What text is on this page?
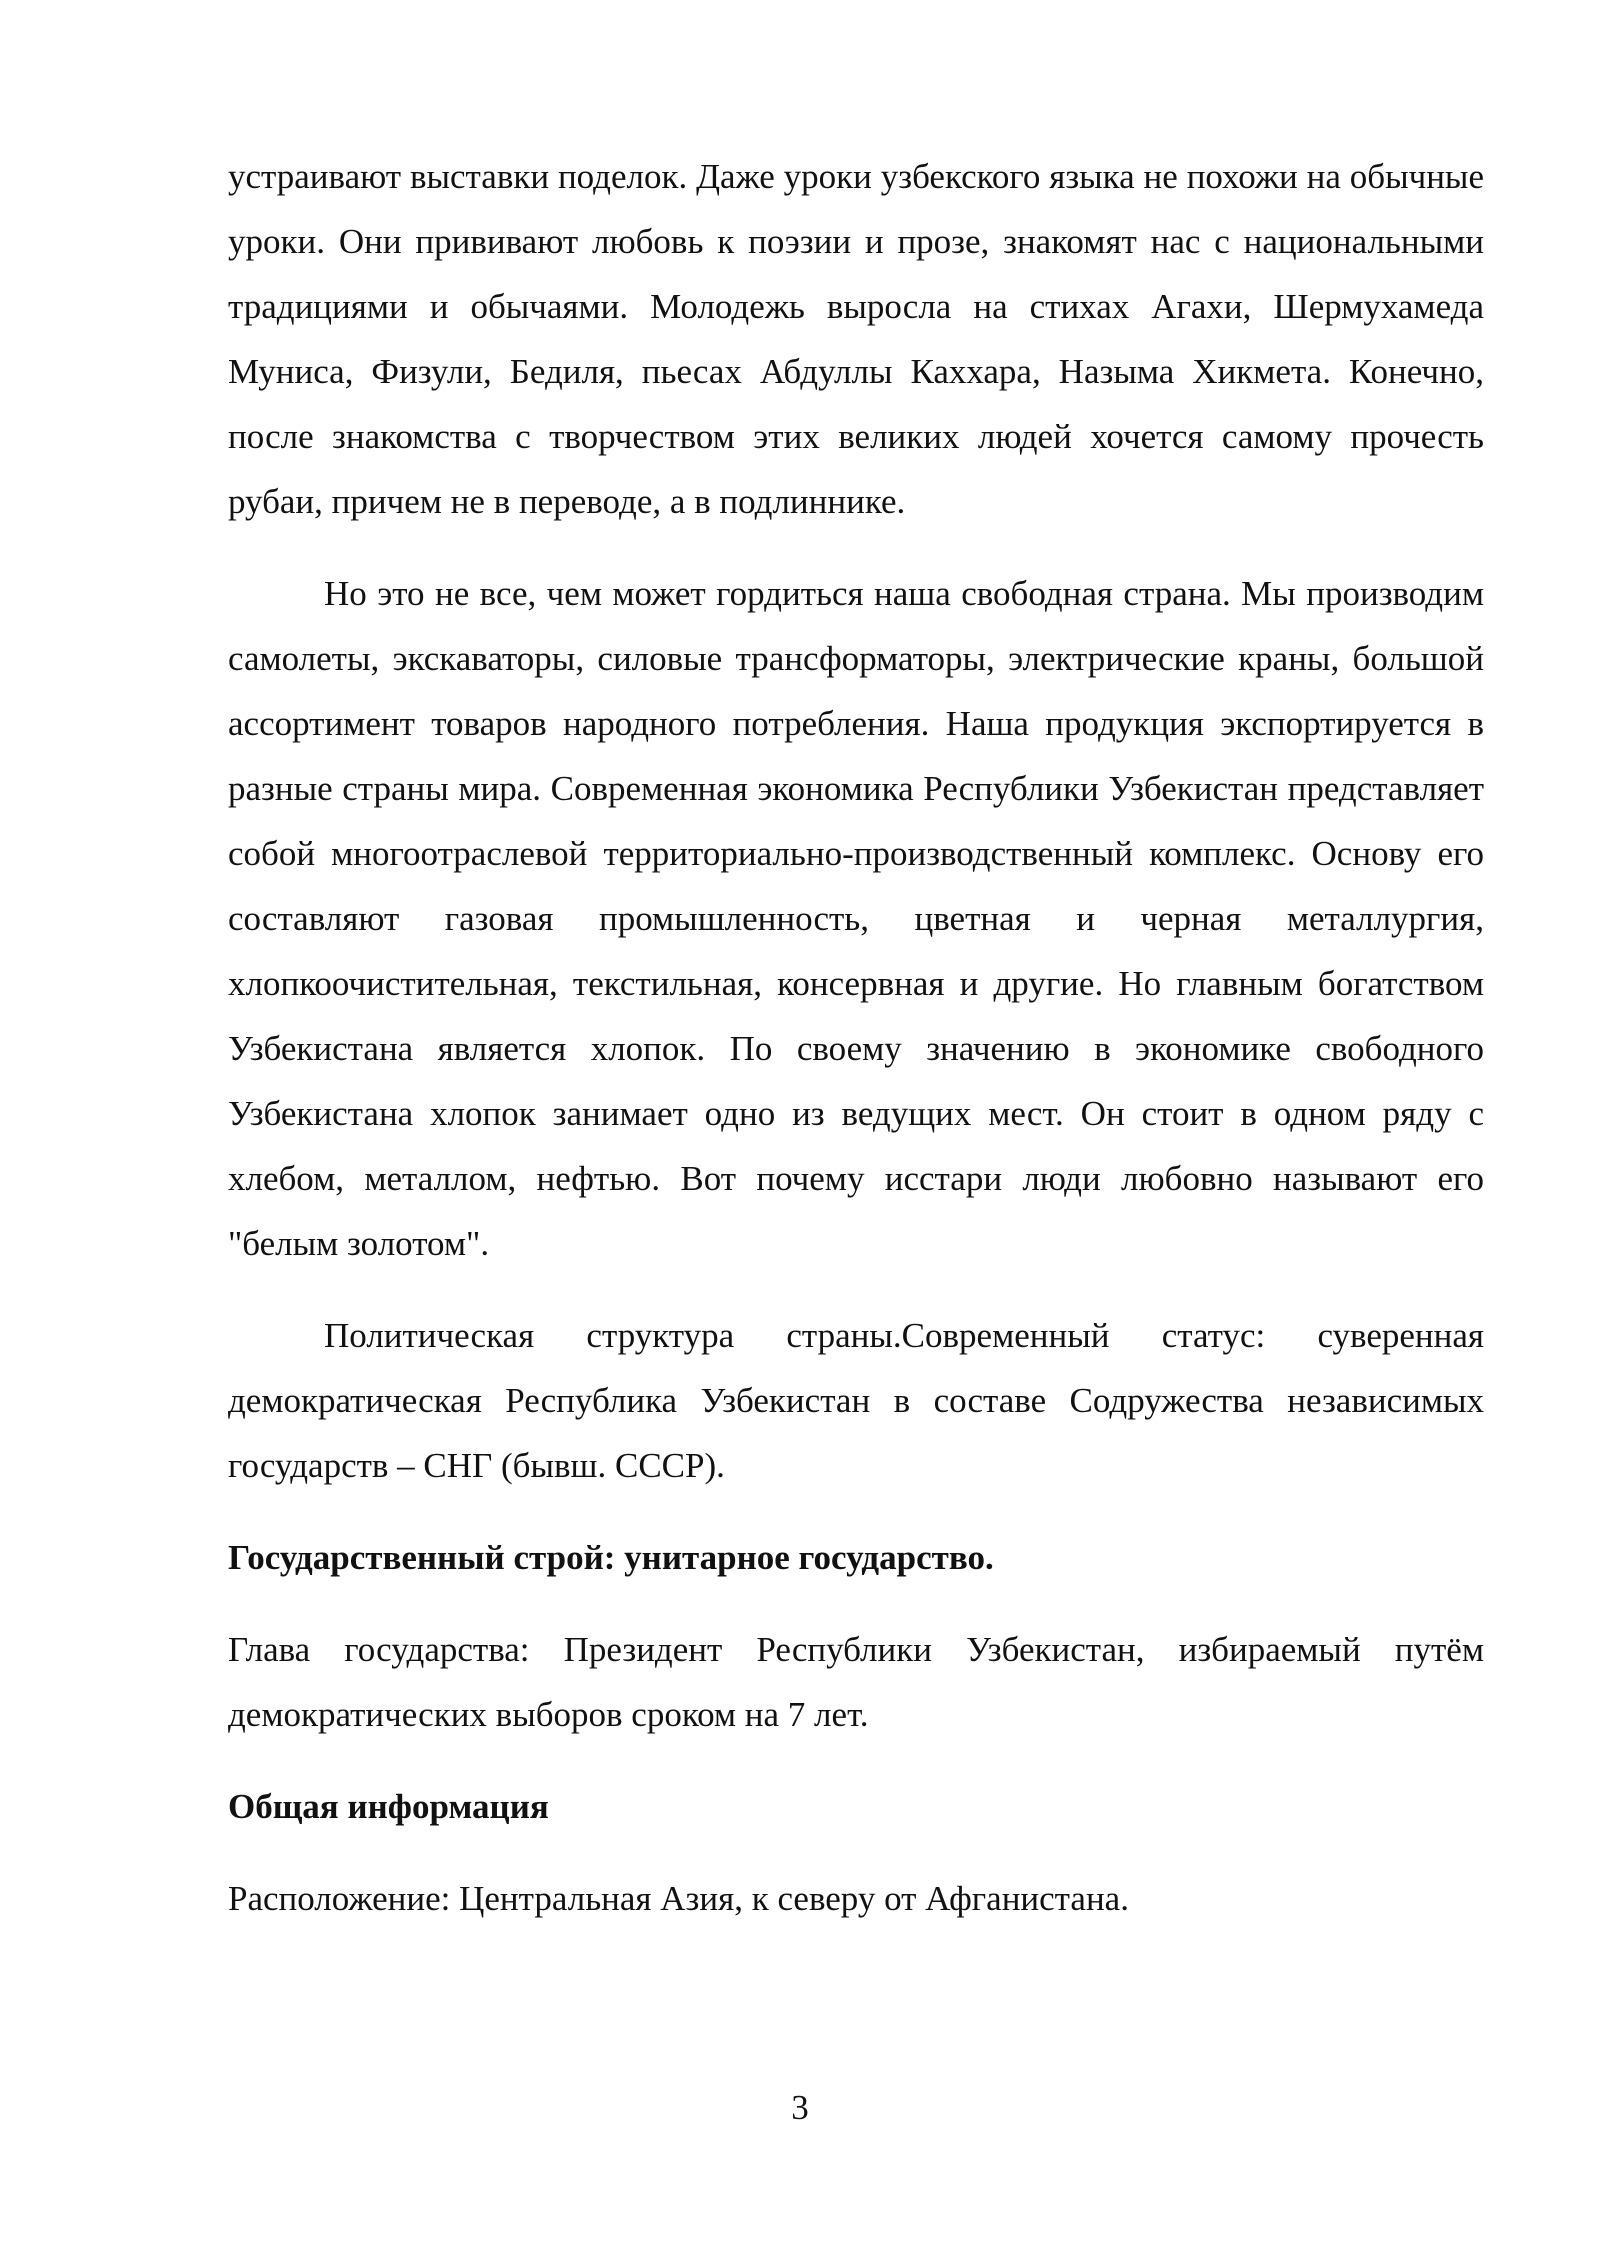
устраивают выставки поделок. Даже уроки узбекского языка не похожи на обычные уроки. Они прививают любовь к поэзии и прозе, знакомят нас с национальными традициями и обычаями. Молодежь выросла на стихах Агахи, Шермухамеда Муниса, Физули, Бедиля, пьесах Абдуллы Каххара, Назыма Хикмета. Конечно, после знакомства с творчеством этих великих людей хочется самому прочесть рубаи, причем не в переводе, а в подлиннике.

Но это не все, чем может гордиться наша свободная страна. Мы производим самолеты, экскаваторы, силовые трансформаторы, электрические краны, большой ассортимент товаров народного потребления. Наша продукция экспортируется в разные страны мира. Современная экономика Республики Узбекистан представляет собой многоотраслевой территориально-производственный комплекс. Основу его составляют газовая промышленность, цветная и черная металлургия, хлопкоочистительная, текстильная, консервная и другие. Но главным богатством Узбекистана является хлопок. По своему значению в экономике свободного Узбекистана хлопок занимает одно из ведущих мест. Он стоит в одном ряду с хлебом, металлом, нефтью. Вот почему исстари люди любовно называют его "белым золотом".

Политическая структура страны.Современный статус: суверенная демократическая Республика Узбекистан в составе Содружества независимых государств – СНГ (бывш. СССР).

Государственный строй: унитарное государство.

Глава государства: Президент Республики Узбекистан, избираемый путём демократических выборов сроком на 7 лет.

Общая информация

Расположение: Центральная Азия, к северу от Афганистана.

3
